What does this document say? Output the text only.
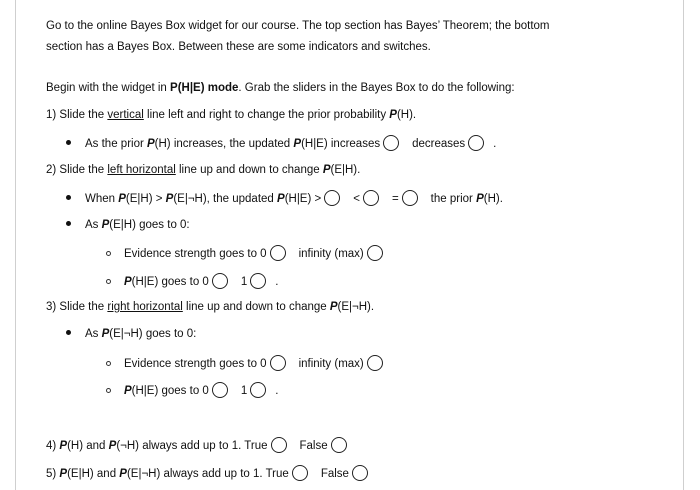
Go to the online Bayes Box widget for our course. The top section has Bayes’ Theorem; the bottom
section has a Bayes Box. Between these are some indicators and switches.
Begin with the widget in P(H|E) mode. Grab the sliders in the Bayes Box to do the following:
1) Slide the vertical line left and right to change the prior probability P(H).
As the prior P(H) increases, the updated P(H|E) increases	decreases .
2) Slide the left horizontal line up and down to change P(E|H).
When P(E|H) > P(E|¬H), the updated P(H|E) >	<	=	the prior P(H).
As P(E|H) goes to 0:
Evidence strength goes to 0	infinity (max)
P(H|E) goes to 0	1 .
3) Slide the right horizontal line up and down to change P(E|¬H).
As P(E|¬H) goes to 0:
Evidence strength goes to 0	infinity (max)
P(H|E) goes to 0	1 .
4) P(H) and P(¬H) always add up to 1. True	False
5) P(E|H) and P(E|¬H) always add up to 1. True	False
